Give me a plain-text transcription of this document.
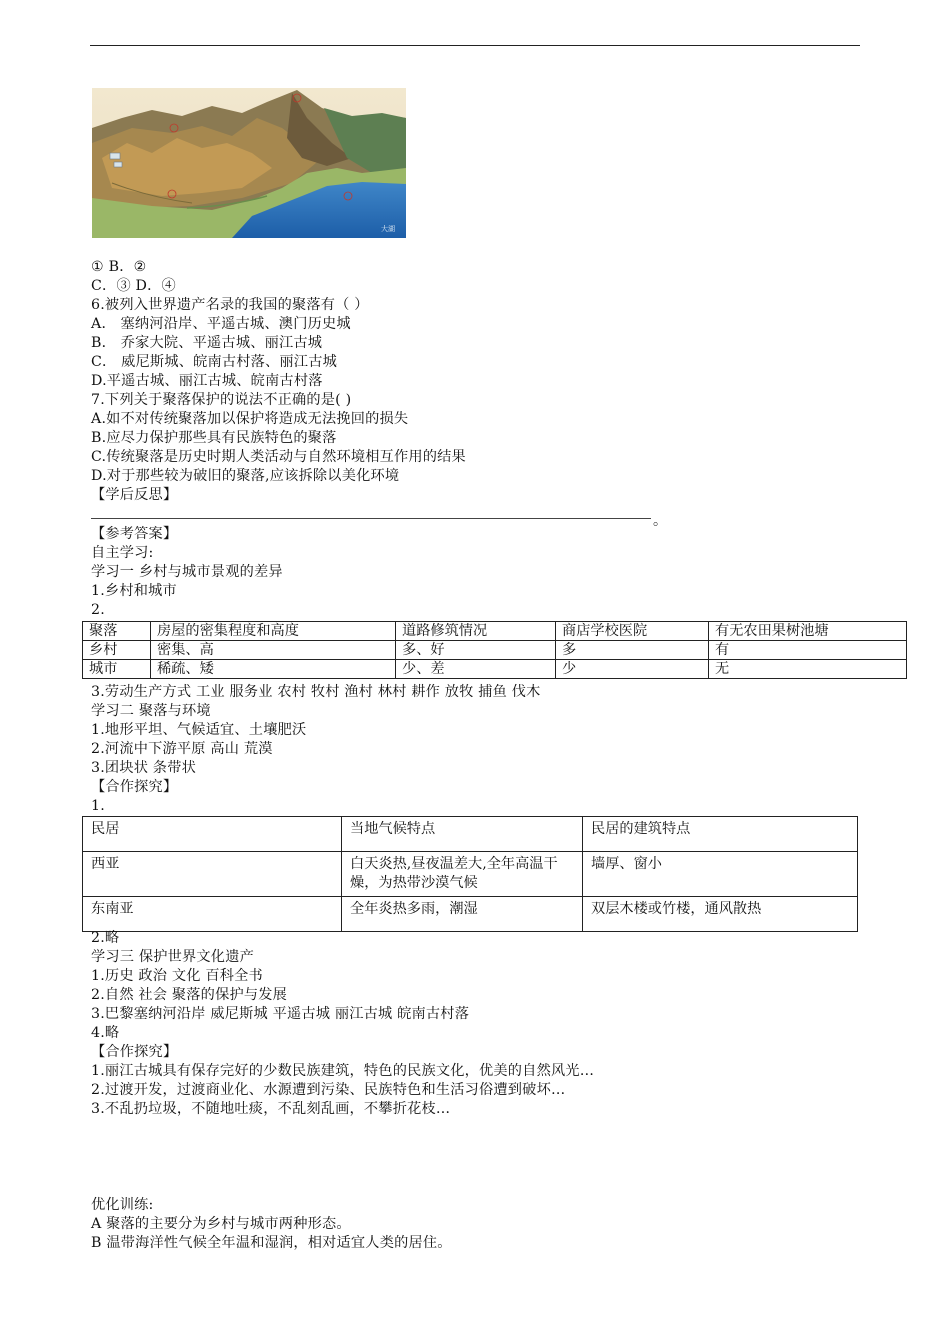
大湖
① B．②
C．③ D．④
6.被列入世界遗产名录的我国的聚落有（ ）
A． 塞纳河沿岸、平遥古城、澳门历史城
B． 乔家大院、平遥古城、丽江古城
C． 威尼斯城、皖南古村落、丽江古城
D.平遥古城、丽江古城、皖南古村落
7.下列关于聚落保护的说法不正确的是( )
A.如不对传统聚落加以保护将造成无法挽回的损失
B.应尽力保护那些具有民族特色的聚落
C.传统聚落是历史时期人类活动与自然环境相互作用的结果
D.对于那些较为破旧的聚落,应该拆除以美化环境
【学后反思】
。
【参考答案】
自主学习:
学习一 乡村与城市景观的差异
1.乡村和城市
2.
聚落	房屋的密集程度和高度	道路修筑情况	商店学校医院	有无农田果树池塘
乡村	密集、高	多、好	多	有
城市	稀疏、矮	少、差	少	无
3.劳动生产方式 工业 服务业 农村 牧村 渔村 林村 耕作 放牧 捕鱼 伐木
学习二 聚落与环境
1.地形平坦、气候适宜、土壤肥沃
2.河流中下游平原 高山 荒漠
3.团块状 条带状
【合作探究】
1.
民居	当地气候特点	民居的建筑特点
西亚	白天炎热,昼夜温差大,全年高温干燥，为热带沙漠气候	墙厚、窗小
东南亚	全年炎热多雨，潮湿	双层木楼或竹楼，通风散热
2.略
学习三 保护世界文化遗产
1.历史 政治 文化 百科全书
2.自然 社会 聚落的保护与发展
3.巴黎塞纳河沿岸 威尼斯城 平遥古城 丽江古城 皖南古村落
4.略
【合作探究】
1.丽江古城具有保存完好的少数民族建筑，特色的民族文化，优美的自然风光…
2.过渡开发，过渡商业化、水源遭到污染、民族特色和生活习俗遭到破坏…
3.不乱扔垃圾，不随地吐痰，不乱刻乱画，不攀折花枝…
优化训练:
A 聚落的主要分为乡村与城市两种形态。
B 温带海洋性气候全年温和湿润，相对适宜人类的居住。
